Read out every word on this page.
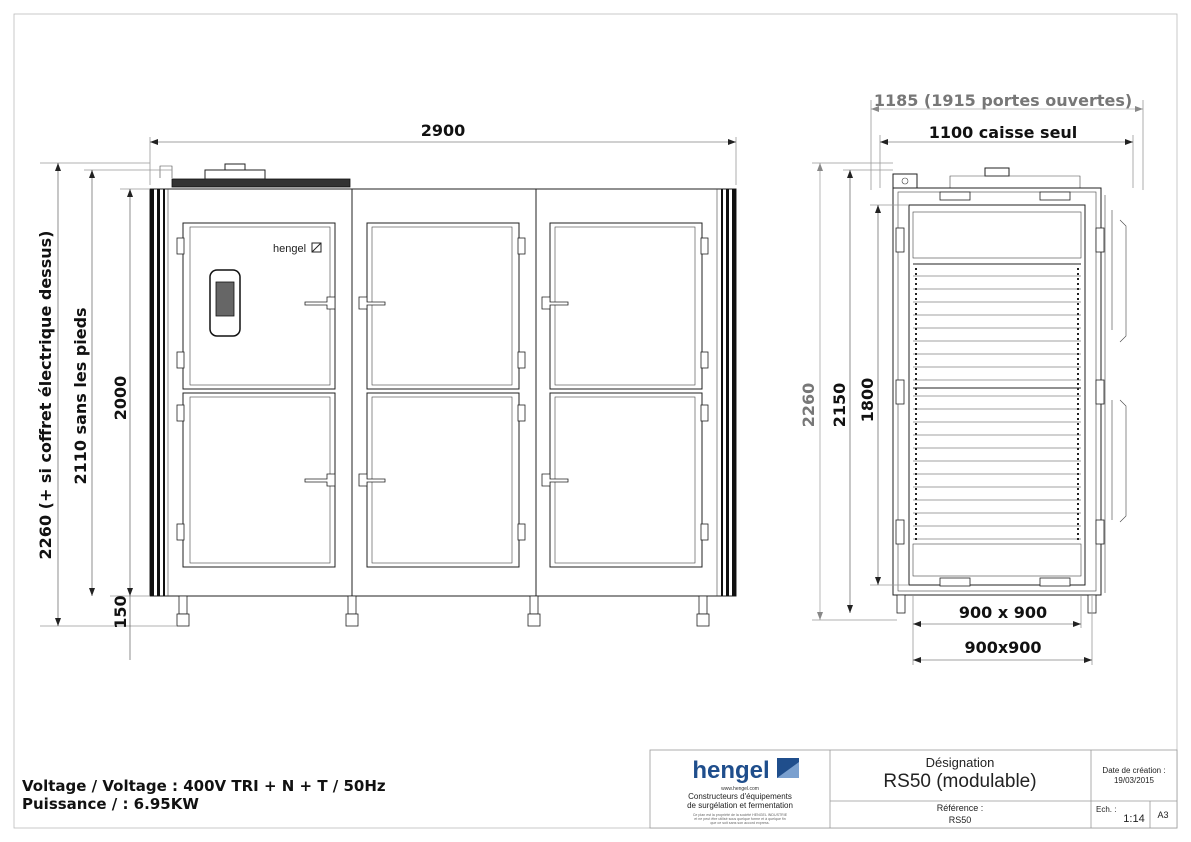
hengel
2900
2260 (+ si coffret électrique dessus) 2110 sans les pieds 2000
150
1185 (1915 portes ouvertes)
1100 caisse seul
2260 2150 1800
900 x 900
900x900
hengel
www.hengel.com
Constructeurs d'équipements
de surgélation et fermentation
Ce plan est la propriété de la société HENGEL INDUSTRIE
et ne peut être utilisé sous quelque forme et à quelque fin
que ce soit sans son accord express.
Désignation
RS50 (modulable)
Référence :
RS50
Date de création :
19/03/2015
Ech. :
1:14 A3
Voltage / Voltage : 400V TRI + N + T / 50Hz
Puissance / : 6.95KW
